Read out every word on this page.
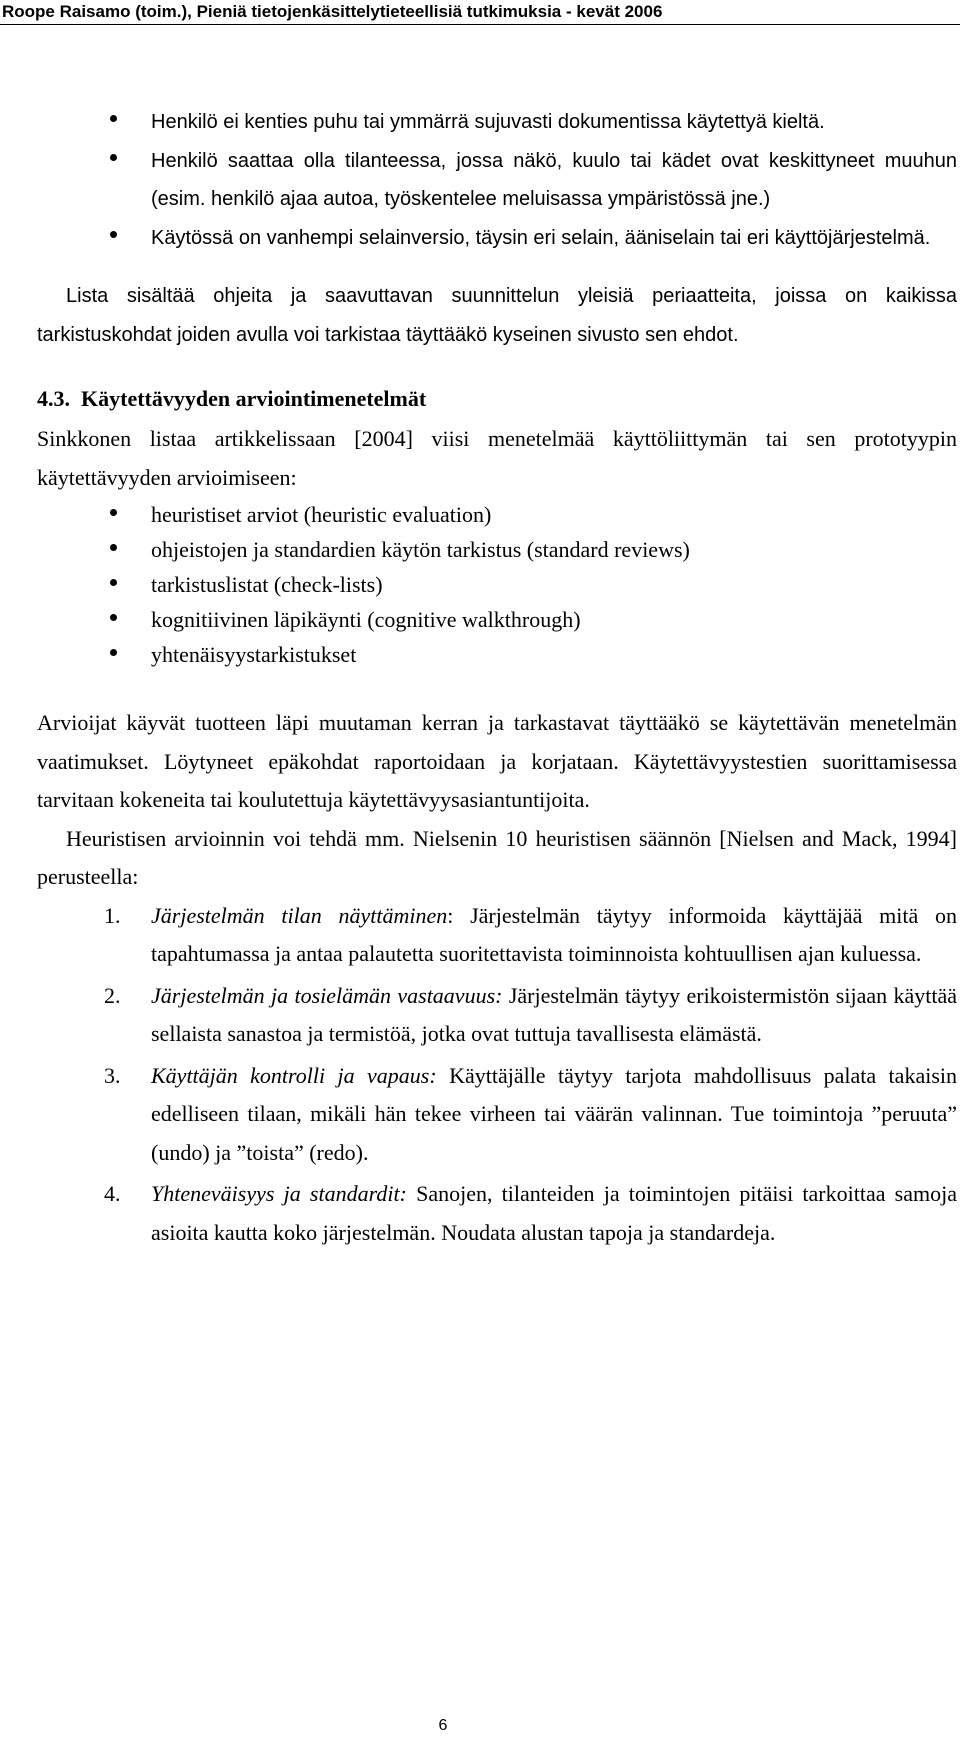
Roope Raisamo (toim.), Pieniä tietojenkäsittelytieteellisiä tutkimuksia - kevät 2006
Henkilö ei kenties puhu tai ymmärrä sujuvasti dokumentissa käytettyä kieltä.
Henkilö saattaa olla tilanteessa, jossa näkö, kuulo tai kädet ovat keskittyneet muuhun (esim. henkilö ajaa autoa, työskentelee meluisassa ympäristössä jne.)
Käytössä on vanhempi selainversio, täysin eri selain, ääniselain tai eri käyttöjärjestelmä.

Lista sisältää ohjeita ja saavuttavan suunnittelun yleisiä periaatteita, joissa on kaikissa tarkistuskohdat joiden avulla voi tarkistaa täyttääkö kyseinen sivusto sen ehdot.

4.3. Käytettävyyden arviointimenetelmät

Sinkkonen listaa artikkelissaan [2004] viisi menetelmää käyttöliittymän tai sen prototyypin käytettävyyden arvioimiseen:

heuristiset arviot (heuristic evaluation)
ohjeistojen ja standardien käytön tarkistus (standard reviews)
tarkistuslistat (check-lists)
kognitiivinen läpikäynti (cognitive walkthrough)
yhtenäisyystarkistukset

Arvioijat käyvät tuotteen läpi muutaman kerran ja tarkastavat täyttääkö se käytettävän menetelmän vaatimukset. Löytyneet epäkohdat raportoidaan ja korjataan. Käytettävyystestien suorittamisessa tarvitaan kokeneita tai koulutettuja käytettävyysasiantuntijoita.

Heuristisen arvioinnin voi tehdä mm. Nielsenin 10 heuristisen säännön [Nielsen and Mack, 1994] perusteella:

1. Järjestelmän tilan näyttäminen: Järjestelmän täytyy informoida käyttäjää mitä on tapahtumassa ja antaa palautetta suoritettavista toiminnoista kohtuullisen ajan kuluessa.
2. Järjestelmän ja tosielämän vastaavuus: Järjestelmän täytyy erikoistermistön sijaan käyttää sellaista sanastoa ja termistöä, jotka ovat tuttuja tavallisesta elämästä.
3. Käyttäjän kontrolli ja vapaus: Käyttäjälle täytyy tarjota mahdollisuus palata takaisin edelliseen tilaan, mikäli hän tekee virheen tai väärän valinnan. Tue toimintoja ”peruuta” (undo) ja ”toista” (redo).
4. Yhteneväisyys ja standardit: Sanojen, tilanteiden ja toimintojen pitäisi tarkoittaa samoja asioita kautta koko järjestelmän. Noudata alustan tapoja ja standardeja.
6
